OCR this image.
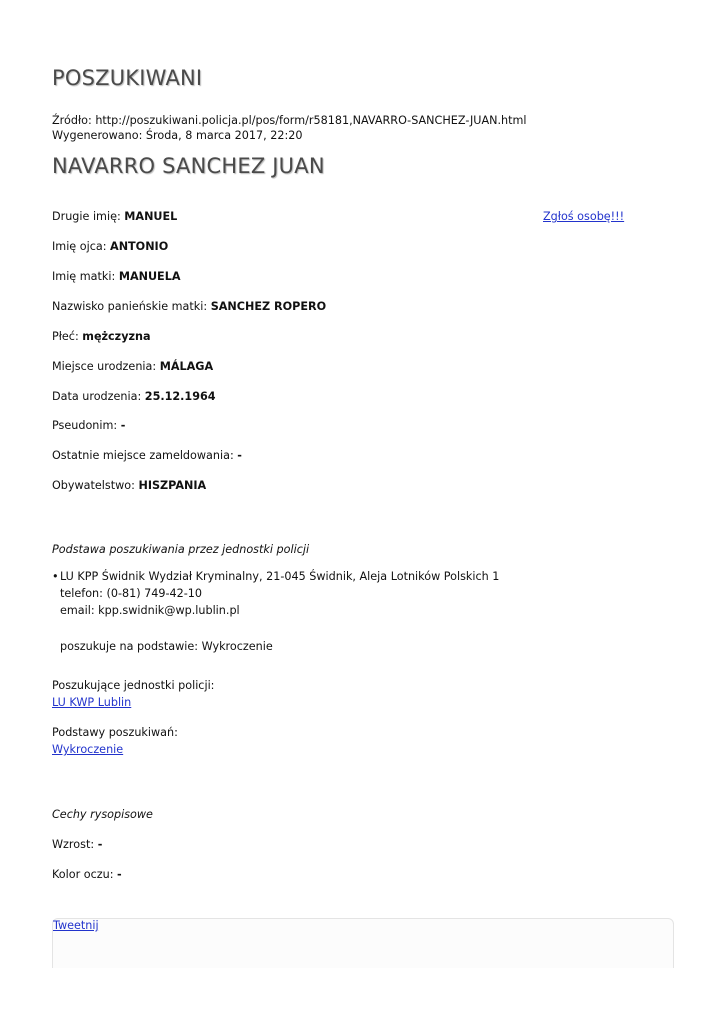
POSZUKIWANI
Źródło: http://poszukiwani.policja.pl/pos/form/r58181,NAVARRO-SANCHEZ-JUAN.html
Wygenerowano: Środa, 8 marca 2017, 22:20
NAVARRO SANCHEZ JUAN
Zgłoś osobę!!!
Drugie imię: MANUEL
Imię ojca: ANTONIO
Imię matki: MANUELA
Nazwisko panieńskie matki: SANCHEZ ROPERO
Płeć: mężczyzna
Miejsce urodzenia: MÁLAGA
Data urodzenia: 25.12.1964
Pseudonim: -
Ostatnie miejsce zameldowania: -
Obywatelstwo: HISZPANIA
Podstawa poszukiwania przez jednostki policji
• LU KPP Świdnik Wydział Kryminalny, 21-045 Świdnik, Aleja Lotników Polskich 1
telefon: (0-81) 749-42-10
email: kpp.swidnik@wp.lublin.pl
poszukuje na podstawie: Wykroczenie
Poszukujące jednostki policji:
LU KWP Lublin
Podstawy poszukiwań:
Wykroczenie
Cechy rysopisowe
Wzrost: -
Kolor oczu: -
Tweetnij
